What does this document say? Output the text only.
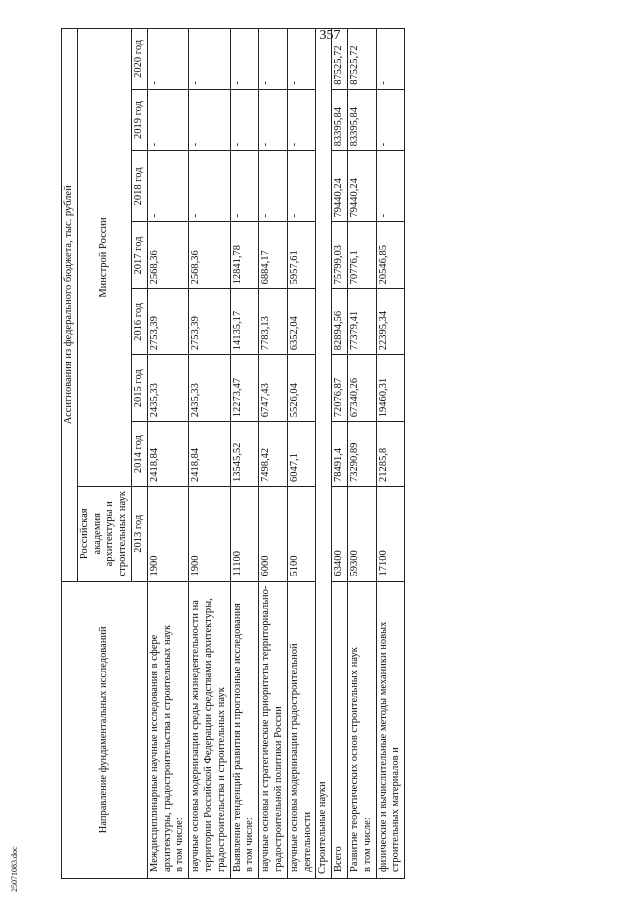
357
25071083.doc
Направление фундаментальных исследований	Ассигнования из федерального бюджета, тыс. рублей							
	Российская академия архитектуры и строительных наук	Минстрой России						
	2013 год	2014 год	2015 год	2016 год	2017 год	2018 год	2019 год	2020 год

Междисциплинарные научные исследования в сфере архитектуры, градостроительства и строительных наук в том числе:	1900	2418,84	2435,33	2753,39	2568,36	-	-	-

научные основы модернизации среды жизнедеятельности на территории Российской Федерации средствами архитектуры, градостроительства и строительных наук	1900	2418,84	2435,33	2753,39	2568,36	-	-	-

Выявление тенденций развития и прогнозные исследования в том числе:	11100	13545,52	12273,47	14135,17	12841,78	-	-	-

научные основы и стратегические приоритеты территориально-градостроительной политики России	6000	7498,42	6747,43	7783,13	6884,17	-	-	-

научные основы модернизации градостроительной деятельности	5100	6047,1	5526,04	6352,04	5957,61	-	-	-
Строительные науки								

Всего	63400	78491,4	72076,87	82894,56	75799,03	79440,24	83395,84	87525,72

Развитие теоретических основ строительных наук в том числе:	59300	73290,89	67340,26	77379,41	70776,1	79440,24	83395,84	87525,72

физические и вычислительные методы механики новых строительных материалов и	17100	21285,8	19460,31	22395,34	20546,85	-	-	-
